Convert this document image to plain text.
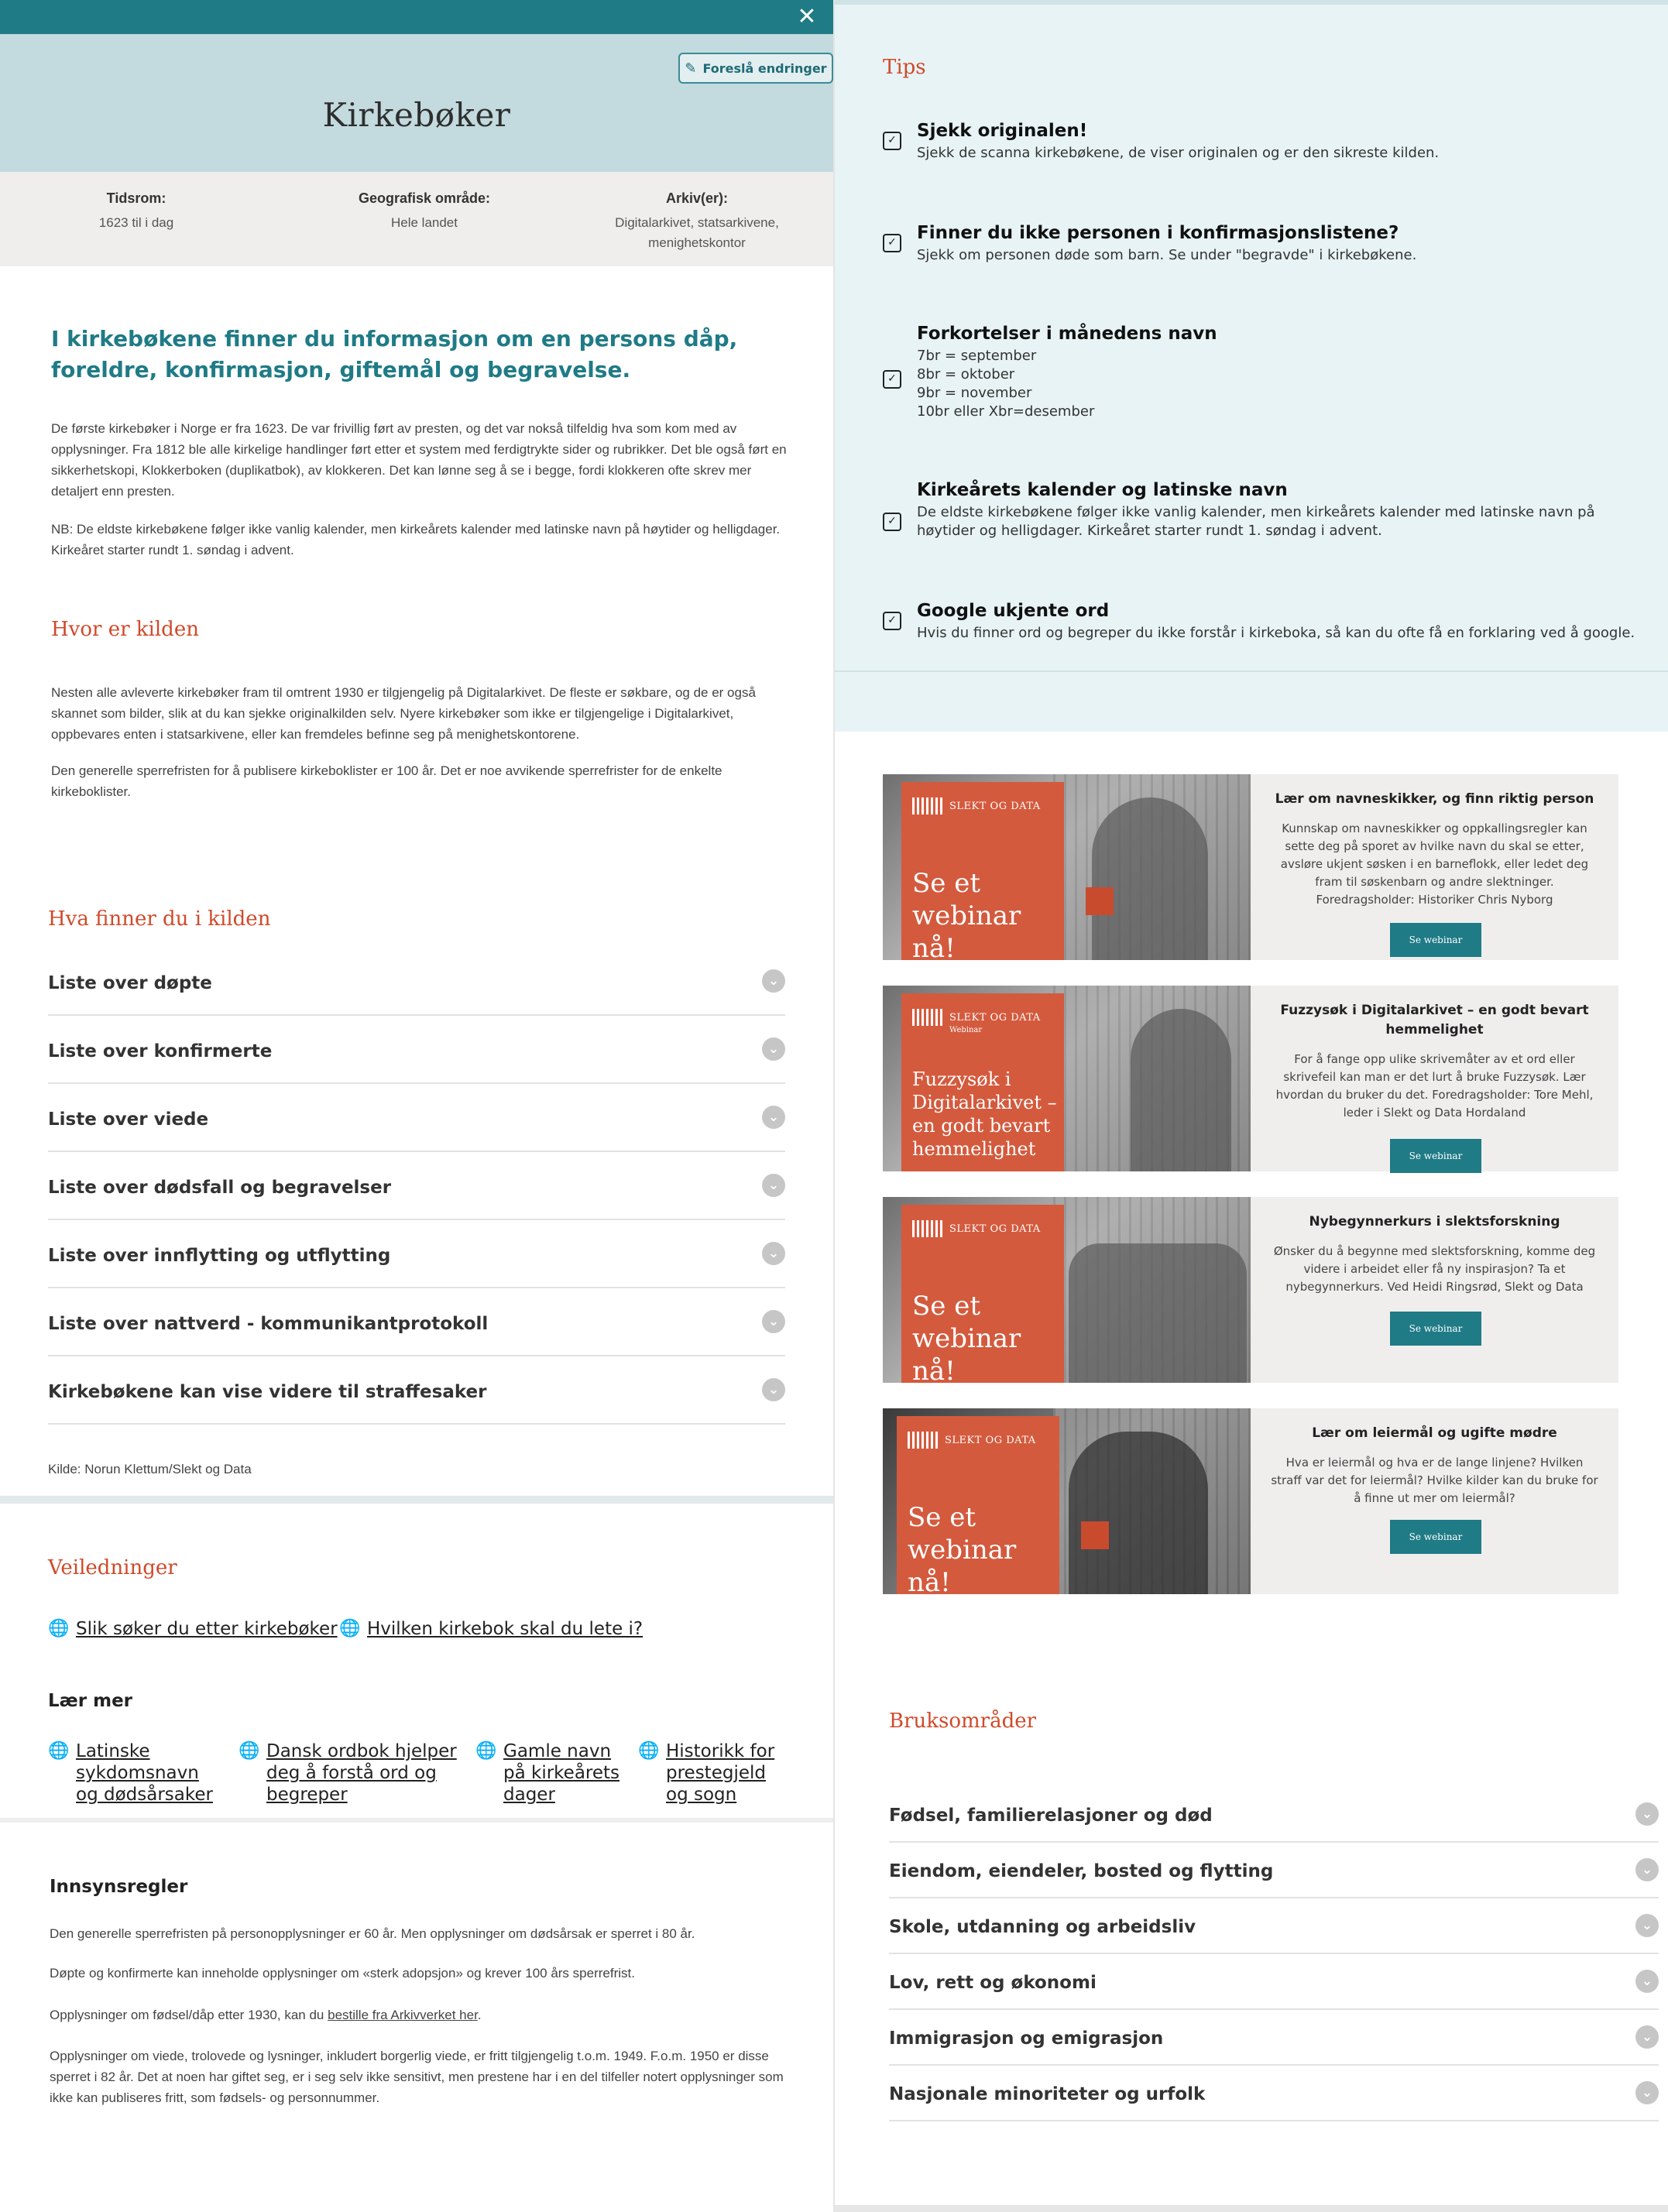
✕
✎ Foreslå endringer
Kirkebøker
Tidsrom:
1623 til i dag
Geografisk område:
Hele landet
Arkiv(er):
Digitalarkivet, statsarkivene, menighetskontor
I kirkebøkene finner du informasjon om en persons dåp, foreldre, konfirmasjon, giftemål og begravelse.
De første kirkebøker i Norge er fra 1623. De var frivillig ført av presten, og det var nokså tilfeldig hva som kom med av opplysninger. Fra 1812 ble alle kirkelige handlinger ført etter et system med ferdigtrykte sider og rubrikker. Det ble også ført en sikkerhetskopi, Klokkerboken (duplikatbok), av klokkeren. Det kan lønne seg å se i begge, fordi klokkeren ofte skrev mer detaljert enn presten.
NB: De eldste kirkebøkene følger ikke vanlig kalender, men kirkeårets kalender med latinske navn på høytider og helligdager. Kirkeåret starter rundt 1. søndag i advent.
Hvor er kilden
Nesten alle avleverte kirkebøker fram til omtrent 1930 er tilgjengelig på Digitalarkivet. De fleste er søkbare, og de er også skannet som bilder, slik at du kan sjekke originalkilden selv. Nyere kirkebøker som ikke er tilgjengelige i Digitalarkivet, oppbevares enten i statsarkivene, eller kan fremdeles befinne seg på menighetskontorene.
Den generelle sperrefristen for å publisere kirkeboklister er 100 år. Det er noe avvikende sperrefrister for de enkelte kirkeboklister.
Hva finner du i kilden
Liste over døpte	⌄
Liste over konfirmerte	⌄
Liste over viede	⌄
Liste over dødsfall og begravelser	⌄
Liste over innflytting og utflytting	⌄
Liste over nattverd - kommunikantprotokoll	⌄
Kirkebøkene kan vise videre til straffesaker	⌄
Kilde: Norun Klettum/Slekt og Data
Veiledninger
🌐 Slik søker du etter kirkebøker 🌐 Hvilken kirkebok skal du lete i?
Lær mer
🌐 Latinske sykdomsnavn og dødsårsaker
🌐 Dansk ordbok hjelper deg å forstå ord og begreper
🌐 Gamle navn på kirkeårets dager
🌐 Historikk for prestegjeld og sogn
Innsynsregler
Den generelle sperrefristen på personopplysninger er 60 år. Men opplysninger om dødsårsak er sperret i 80 år.
Døpte og konfirmerte kan inneholde opplysninger om «sterk adopsjon» og krever 100 års sperrefrist.
Opplysninger om fødsel/dåp etter 1930, kan du bestille fra Arkivverket her.
Opplysninger om viede, trolovede og lysninger, inkludert borgerlig viede, er fritt tilgjengelig t.o.m. 1949. F.o.m. 1950 er disse sperret i 82 år. Det at noen har giftet seg, er i seg selv ikke sensitivt, men prestene har i en del tilfeller notert opplysninger som ikke kan publiseres fritt, som fødsels- og personnummer.
Tips
✓ Sjekk originalen!
Sjekk de scanna kirkebøkene, de viser originalen og er den sikreste kilden.
✓ Finner du ikke personen i konfirmasjonslistene?
Sjekk om personen døde som barn. Se under "begravde" i kirkebøkene.
✓
Forkortelser i månedens navn
7br = september
8br = oktober
9br = november
10br eller Xbr=desember
✓
Kirkeårets kalender og latinske navn
De eldste kirkebøkene følger ikke vanlig kalender, men kirkeårets kalender med latinske navn på høytider og helligdager. Kirkeåret starter rundt 1. søndag i advent.
✓ Google ukjente ord
Hvis du finner ord og begreper du ikke forstår i kirkeboka, så kan du ofte få en forklaring ved å google.
SLEKT OG DATA
Se et webinar nå!
Lær om navneskikker, og finn riktig person
Kunnskap om navneskikker og oppkallingsregler kan sette deg på sporet av hvilke navn du skal se etter, avsløre ukjent søsken i en barneflokk, eller ledet deg fram til søskenbarn og andre slektninger. Foredragsholder: Historiker Chris Nyborg
Se webinar
SLEKT OG DATA
Webinar
Fuzzysøk i Digitalarkivet – en godt bevart hemmelighet
Fuzzysøk i Digitalarkivet – en godt bevart hemmelighet
For å fange opp ulike skrivemåter av et ord eller skrivefeil kan man er det lurt å bruke Fuzzysøk. Lær hvordan du bruker du det. Foredragsholder: Tore Mehl, leder i Slekt og Data Hordaland
Se webinar
SLEKT OG DATA
Se et webinar nå!
Nybegynnerkurs i slektsforskning
Ønsker du å begynne med slektsforskning, komme deg videre i arbeidet eller få ny inspirasjon? Ta et nybegynnerkurs. Ved Heidi Ringsrød, Slekt og Data
Se webinar
SLEKT OG DATA
Se et webinar nå!
Lær om leiermål og ugifte mødre
Hva er leiermål og hva er de lange linjene? Hvilken straff var det for leiermål? Hvilke kilder kan du bruke for å finne ut mer om leiermål?
Se webinar
Bruksområder
Fødsel, familierelasjoner og død	⌄
Eiendom, eiendeler, bosted og flytting	⌄
Skole, utdanning og arbeidsliv	⌄
Lov, rett og økonomi	⌄
Immigrasjon og emigrasjon	⌄
Nasjonale minoriteter og urfolk	⌄
